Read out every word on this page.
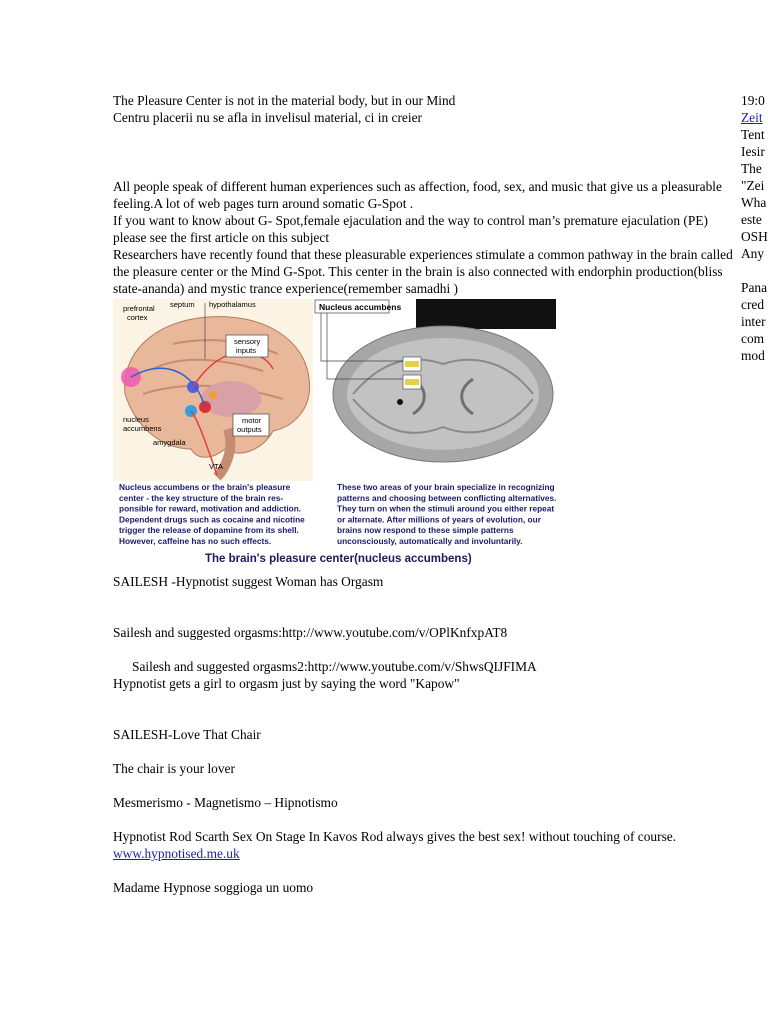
The Pleasure Center is not in the material body, but in our Mind

Centru placerii nu se afla in invelisul material, ci in creier

All people speak of different human experiences such as affection, food, sex, and music that give us a pleasurable feeling.A lot of web pages turn around somatic G-Spot .

If you want to know about G- Spot,female ejaculation and the way to control man’s premature ejaculation (PE) please see the first article on this subject

Researchers have recently found that these pleasurable experiences stimulate a common pathway in the brain called the pleasure center or the Mind G-Spot. This center in the brain is also connected with endorphin production(bliss state-ananda) and mystic trance experience(remember samadhi )

prefrontal
cortex
septum hypothalamus
sensory
inputs
nucleus
accumbens
amygdala
motor
outputs
VTA
Nucleus accumbens
Nucleus accumbens or the brain's pleasure
center - the key structure of the brain res-
ponsible for reward, motivation and addiction.
Dependent drugs such as cocaine and nicotine
trigger the release of dopamine from its shell.
However, caffeine has no such effects.
These two areas of your brain specialize in recognizing
patterns and choosing between conflicting alternatives.
They turn on when the stimuli around you either repeat
or alternate. After millions of years of evolution, our
brains now respond to these simple patterns
unconsciously, automatically and involuntarily.
The brain's pleasure center(nucleus accumbens)

SAILESH -Hypnotist suggest Woman has Orgasm

Sailesh and suggested orgasms:http://www.youtube.com/v/OPlKnfxpAT8

Sailesh and suggested orgasms2:http://www.youtube.com/v/ShwsQIJFIMA

Hypnotist gets a girl to orgasm just by saying the word "Kapow"

SAILESH-Love That Chair

The chair is your lover

Mesmerismo - Magnetismo – Hipnotismo

Hypnotist Rod Scarth Sex On Stage In Kavos Rod always gives the best sex! without touching of course. www.hypnotised.me.uk

Madame Hypnose soggioga un uomo

19:0

Zeit

Tent

Iesir

The

"Zei

Wha

este

OSH

Any

Pana

cred

inter

com

mod
